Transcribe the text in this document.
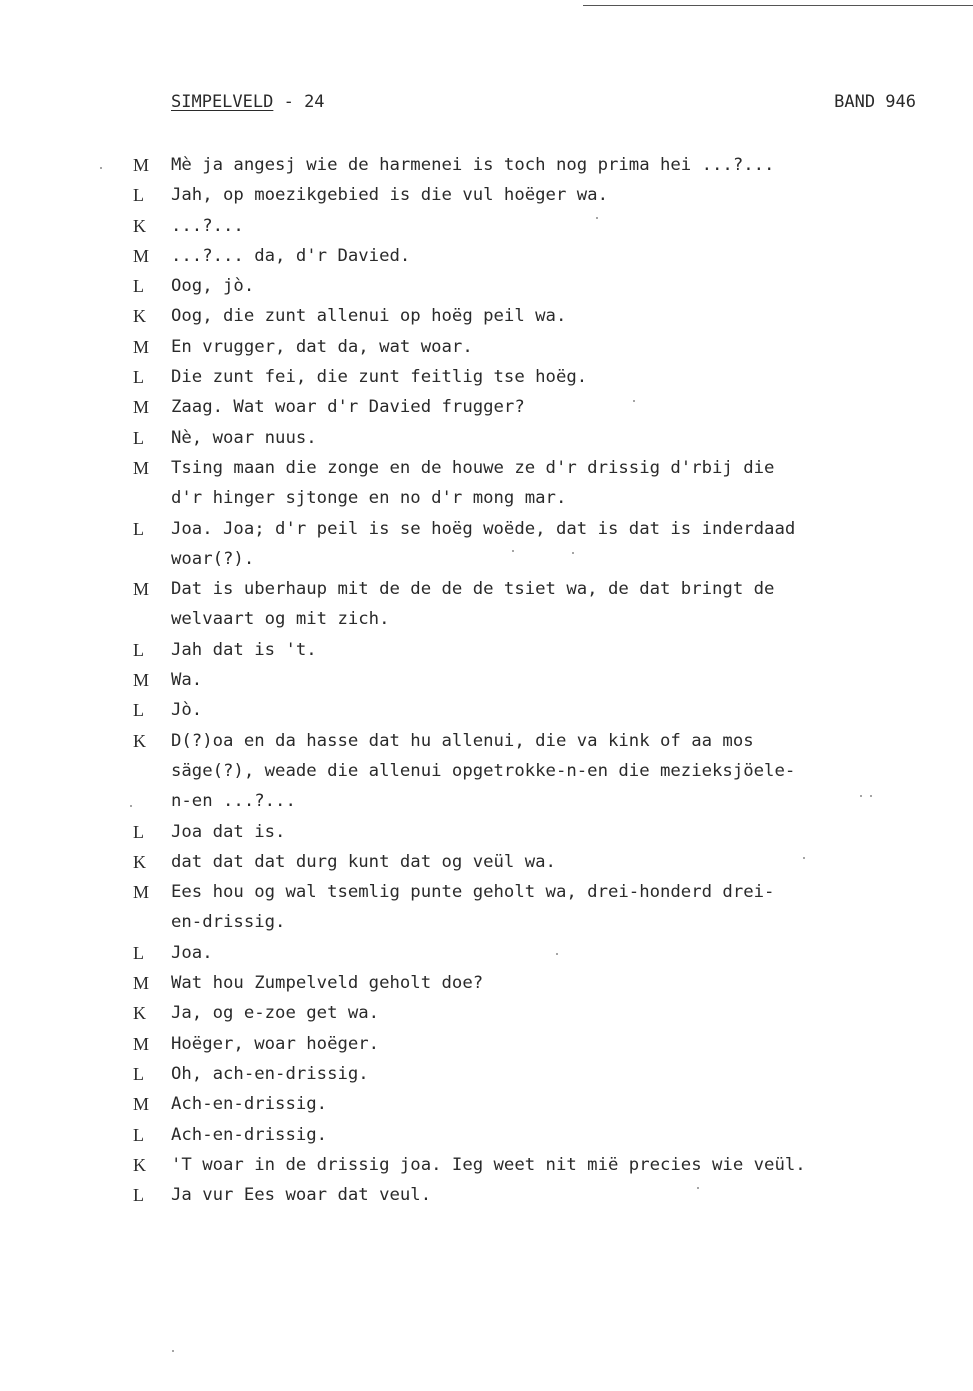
SIMPELVELD - 24	BAND 946
M Mè ja angesj wie de harmenei is toch nog prima hei ...?...
L	Jah, op moezikgebied is die vul hoëger wa.
K	...?...
M ...?... da, d'r Davied.
L	Oog, jò.
K	Oog, die zunt allenui op hoëg peil wa.
M En vrugger, dat da, wat woar.
L	Die zunt fei, die zunt feitlig tse hoëg.
M Zaag. Wat woar d'r Davied frugger?
L	Nè, woar nuus.
M Tsing maan die zonge en de houwe ze d'r drissig d'rbij die
d'r hinger sjtonge en no d'r mong mar.
L	Joa. Joa; d'r peil is se hoëg woëde, dat is dat is inderdaad
woar(?).
M Dat is uberhaup mit de de de de tsiet wa, de dat bringt de
welvaart og mit zich.
L	Jah dat is 't.
M Wa.
L	Jò.
K	D(?)oa en da hasse dat hu allenui, die va kink of aa mos
säge(?), weade die allenui opgetrokke-n-en die mezieksjöele-
n-en ...?...
L	Joa dat is.
K	dat dat dat durg kunt dat og veül wa.
M Ees hou og wal tsemlig punte geholt wa, drei-honderd drei-
en-drissig.
L	Joa.
M Wat hou Zumpelveld geholt doe?
K	Ja, og e-zoe get wa.
M Hoëger, woar hoëger.
L	Oh, ach-en-drissig.
M Ach-en-drissig.
L	Ach-en-drissig.
K	'T woar in de drissig joa. Ieg weet nit mië precies wie veül.
L	Ja vur Ees woar dat veul.
